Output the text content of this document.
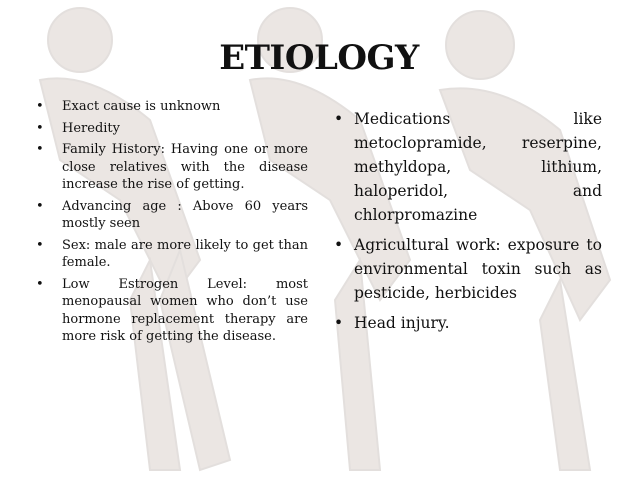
ETIOLOGY
• Exact cause is unknown
• Heredity
• Family History: Having one or more close relatives with the disease increase the rise of getting.
• Advancing age : Above 60 years mostly seen
• Sex: male are more likely to get than female.
• Low Estrogen Level: most menopausal women who don’t use hormone replacement therapy are more risk of getting the disease.
• Medications like metoclopramide, reserpine, methyldopa, lithium, haloperidol, and chlorpromazine
• Agricultural work: exposure to environmental toxin such as pesticide, herbicides
• Head injury.
